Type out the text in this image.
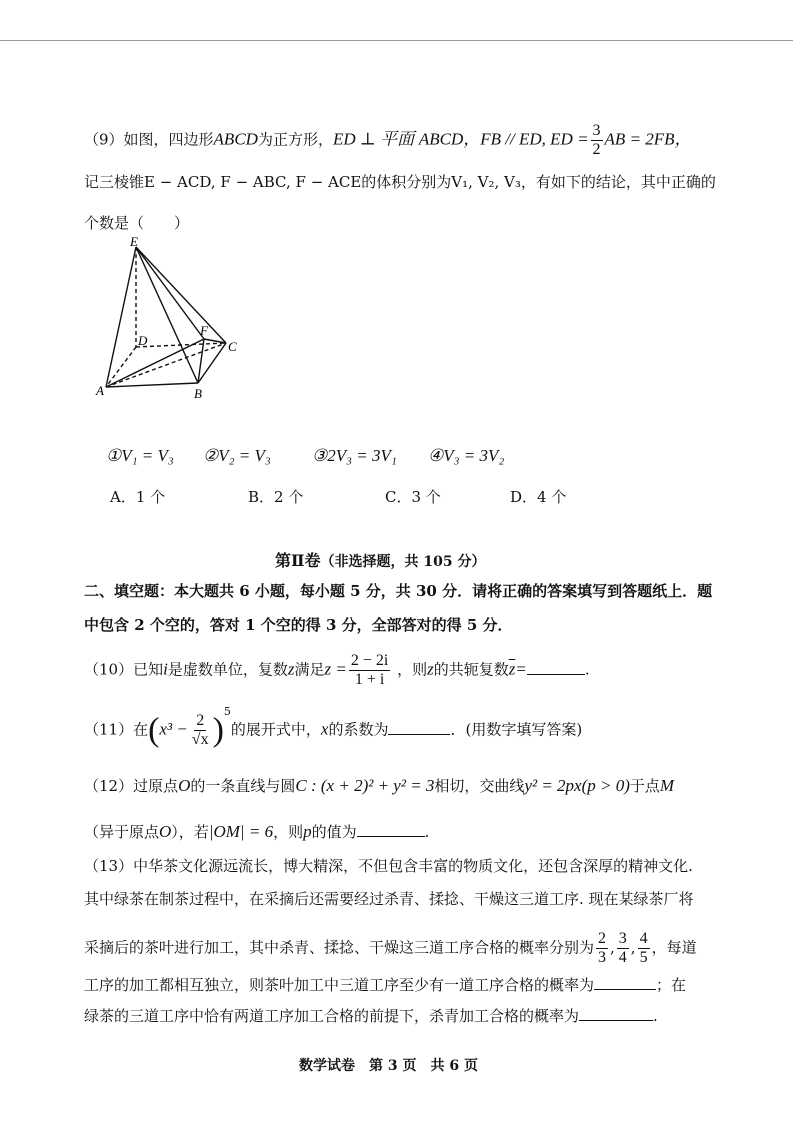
（9）如图，四边形ABCD为正方形，ED ⊥ 平面 ABCD，FB // ED, ED = $\frac{3}{2}$ AB = 2FB，
记三棱锥E − ACD, F − ABC, F − ACE的体积分别为V₁, V₂, V₃，有如下的结论，其中正确的
个数是（　　）
E
D
F
C
A	B
①V₁ = V₃ ②V₂ = V₃ ③2V₃ = 3V₁ ④V₃ = 3V₂
A．1 个	B．2 个	C．3 个	D．4 个
第Ⅱ卷（非选择题，共 105 分）
二、填空题：本大题共 6 小题，每小题 5 分，共 30 分．请将正确的答案填写到答题纸上．题
中包含 2 个空的，答对 1 个空的得 3 分，全部答对的得 5 分．
（10）已知i是虚数单位，复数z满足$z = \frac{2 - 2i}{1 + i}$ ，则z的共轭复数$\overline{z}=$	.
（11）在$(x^3 - \frac{2}{√x} )^5$的展开式中，x的系数为	．(用数字填写答案)
（12）过原点O的一条直线与圆C : (x + 2)² + y² = 3相切，交曲线y² = 2px(p > 0)于点M
（异于原点O），若|OM| = 6，则p的值为	.
（13）中华茶文化源远流长，博大精深，不但包含丰富的物质文化，还包含深厚的精神文化.
其中绿茶在制茶过程中，在采摘后还需要经过杀青、揉捻、干燥这三道工序. 现在某绿茶厂将
采摘后的茶叶进行加工，其中杀青、揉捻、干燥这三道工序合格的概率分别为 $\frac{2}{3}$ , $\frac{3}{4}$ , $\frac{4}{5}$ ，每道
工序的加工都相互独立，则茶叶加工中三道工序至少有一道工序合格的概率为	；在
绿茶的三道工序中恰有两道工序加工合格的前提下，杀青加工合格的概率为	.
数学试卷　第 3 页　共 6 页
